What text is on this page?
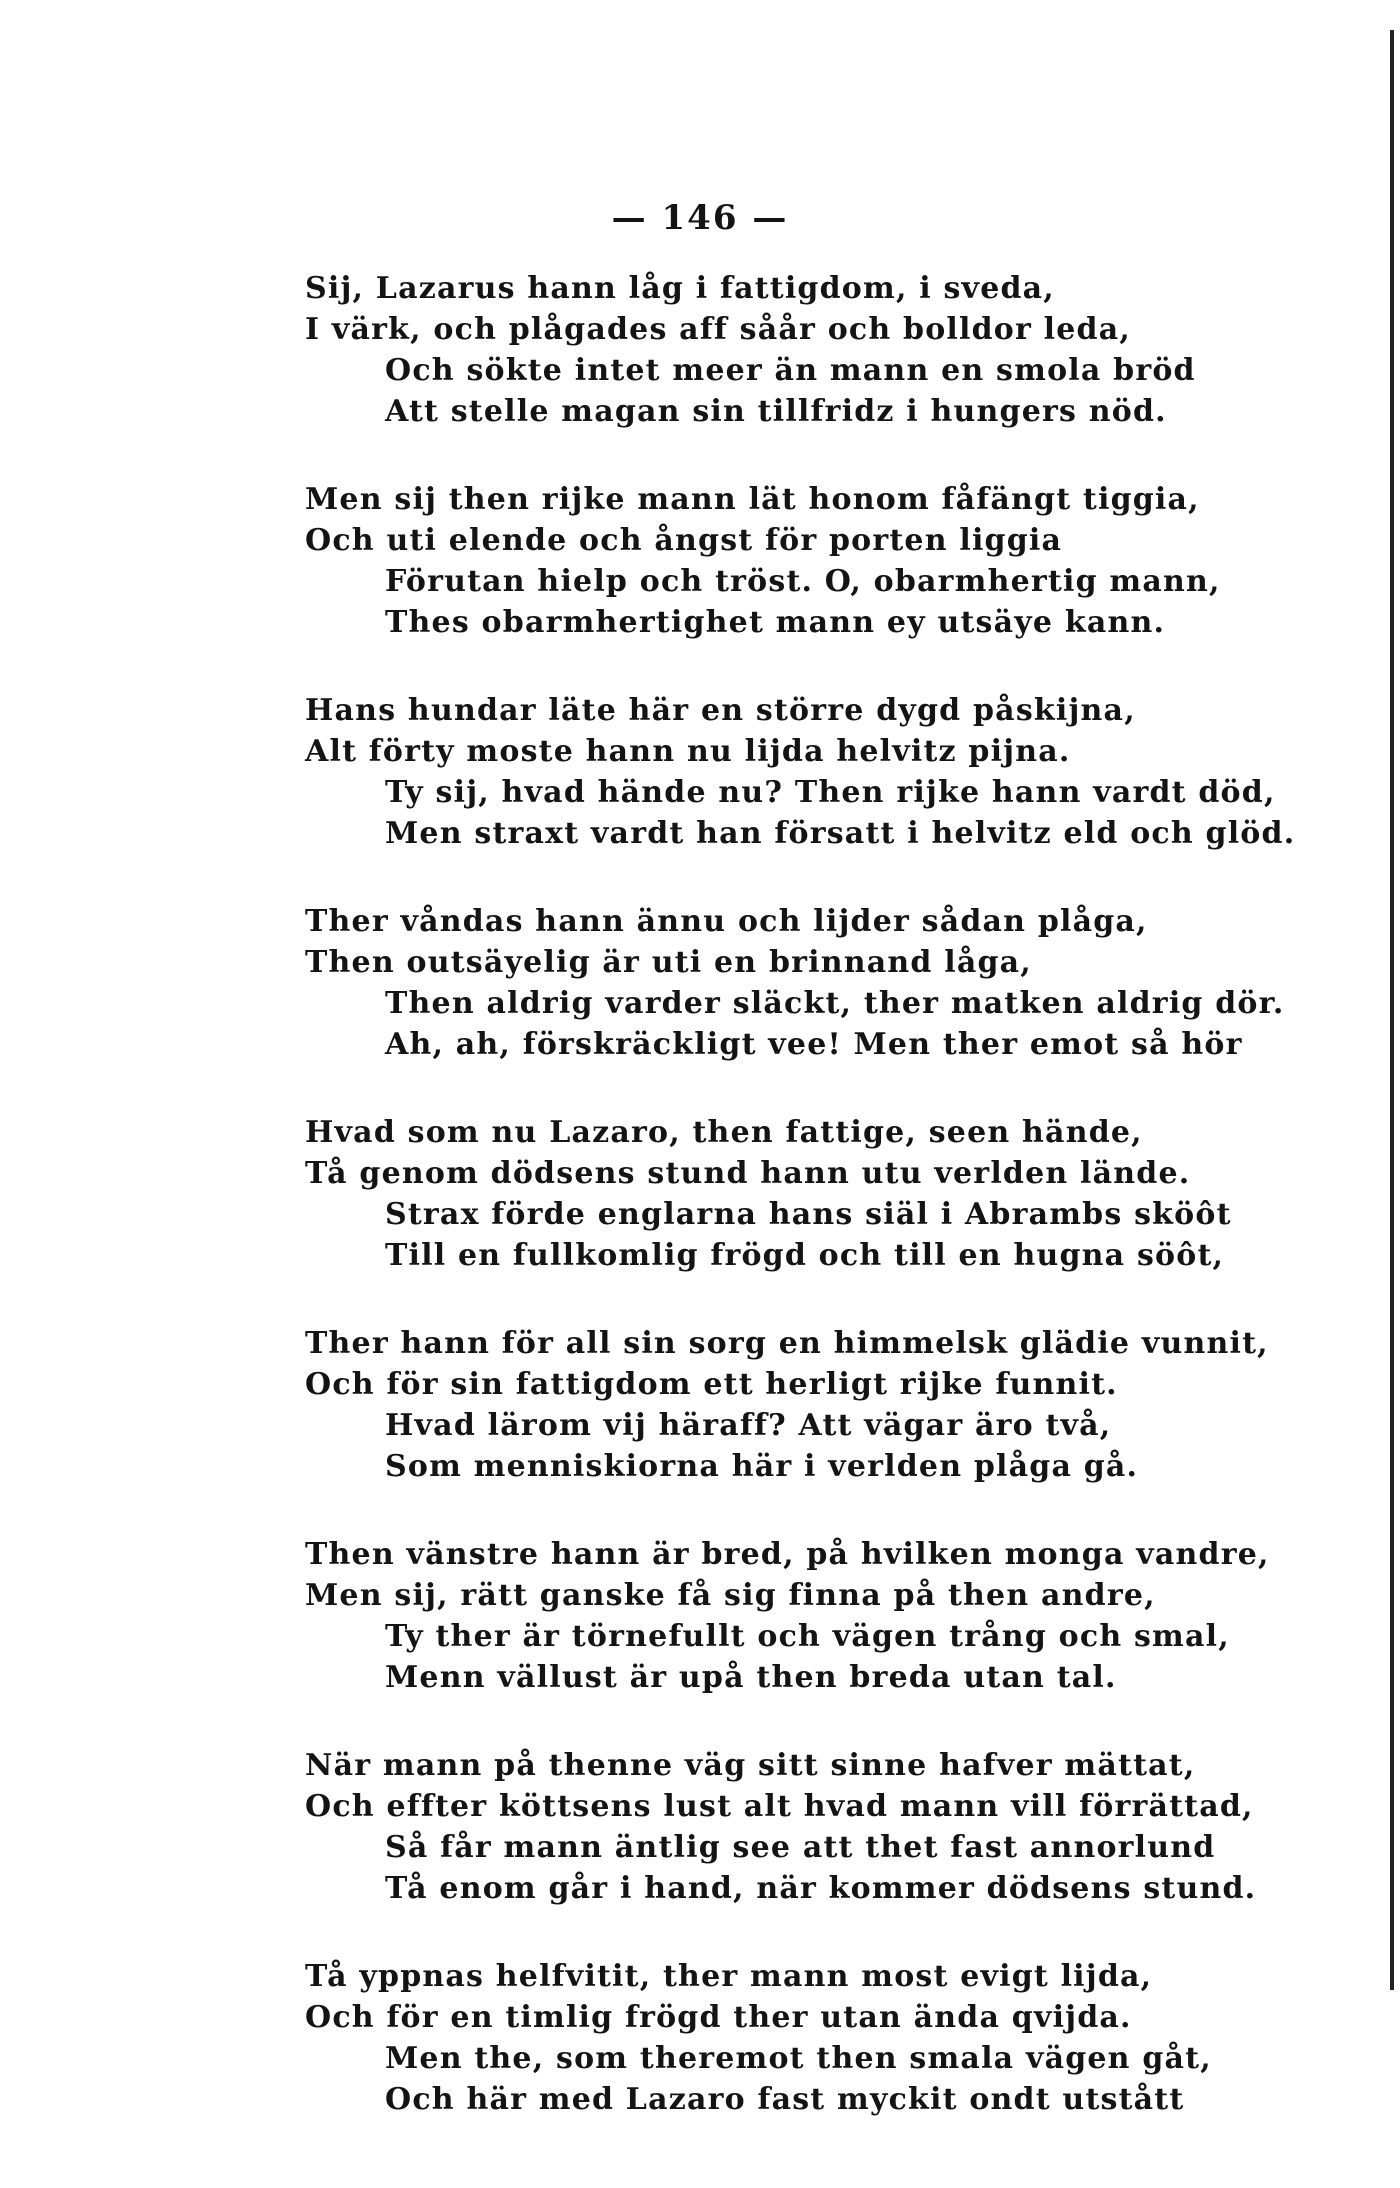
— 146 —
Sij, Lazarus hann låg i fattigdom, i sveda,
I värk, och plågades aff såår och bolldor leda,
Och sökte intet meer än mann en smola bröd
Att stelle magan sin tillfridz i hungers nöd.
Men sij then rijke mann lät honom fåfängt tiggia,
Och uti elende och ångst för porten liggia
Förutan hielp och tröst. O, obarmhertig mann,
Thes obarmhertighet mann ey utsäye kann.
Hans hundar läte här en större dygd påskijna,
Alt förty moste hann nu lijda helvitz pijna.
Ty sij, hvad hände nu? Then rijke hann vardt död,
Men straxt vardt han försatt i helvitz eld och glöd.
Ther våndas hann ännu och lijder sådan plåga,
Then outsäyelig är uti en brinnand låga,
Then aldrig varder släckt, ther matken aldrig dör.
Ah, ah, förskräckligt vee! Men ther emot så hör
Hvad som nu Lazaro, then fattige, seen hände,
Tå genom dödsens stund hann utu verlden lände.
Strax förde englarna hans siäl i Abrambs sköôt
Till en fullkomlig frögd och till en hugna söôt,
Ther hann för all sin sorg en himmelsk glädie vunnit,
Och för sin fattigdom ett herligt rijke funnit.
Hvad lärom vij häraff? Att vägar äro två,
Som menniskiorna här i verlden plåga gå.
Then vänstre hann är bred, på hvilken monga vandre,
Men sij, rätt ganske få sig finna på then andre,
Ty ther är törnefullt och vägen trång och smal,
Menn vällust är upå then breda utan tal.
När mann på thenne väg sitt sinne hafver mättat,
Och effter köttsens lust alt hvad mann vill förrättad,
Så får mann äntlig see att thet fast annorlund
Tå enom går i hand, när kommer dödsens stund.
Tå yppnas helfvitit, ther mann most evigt lijda,
Och för en timlig frögd ther utan ända qvijda.
Men the, som theremot then smala vägen gåt,
Och här med Lazaro fast myckit ondt utstått
